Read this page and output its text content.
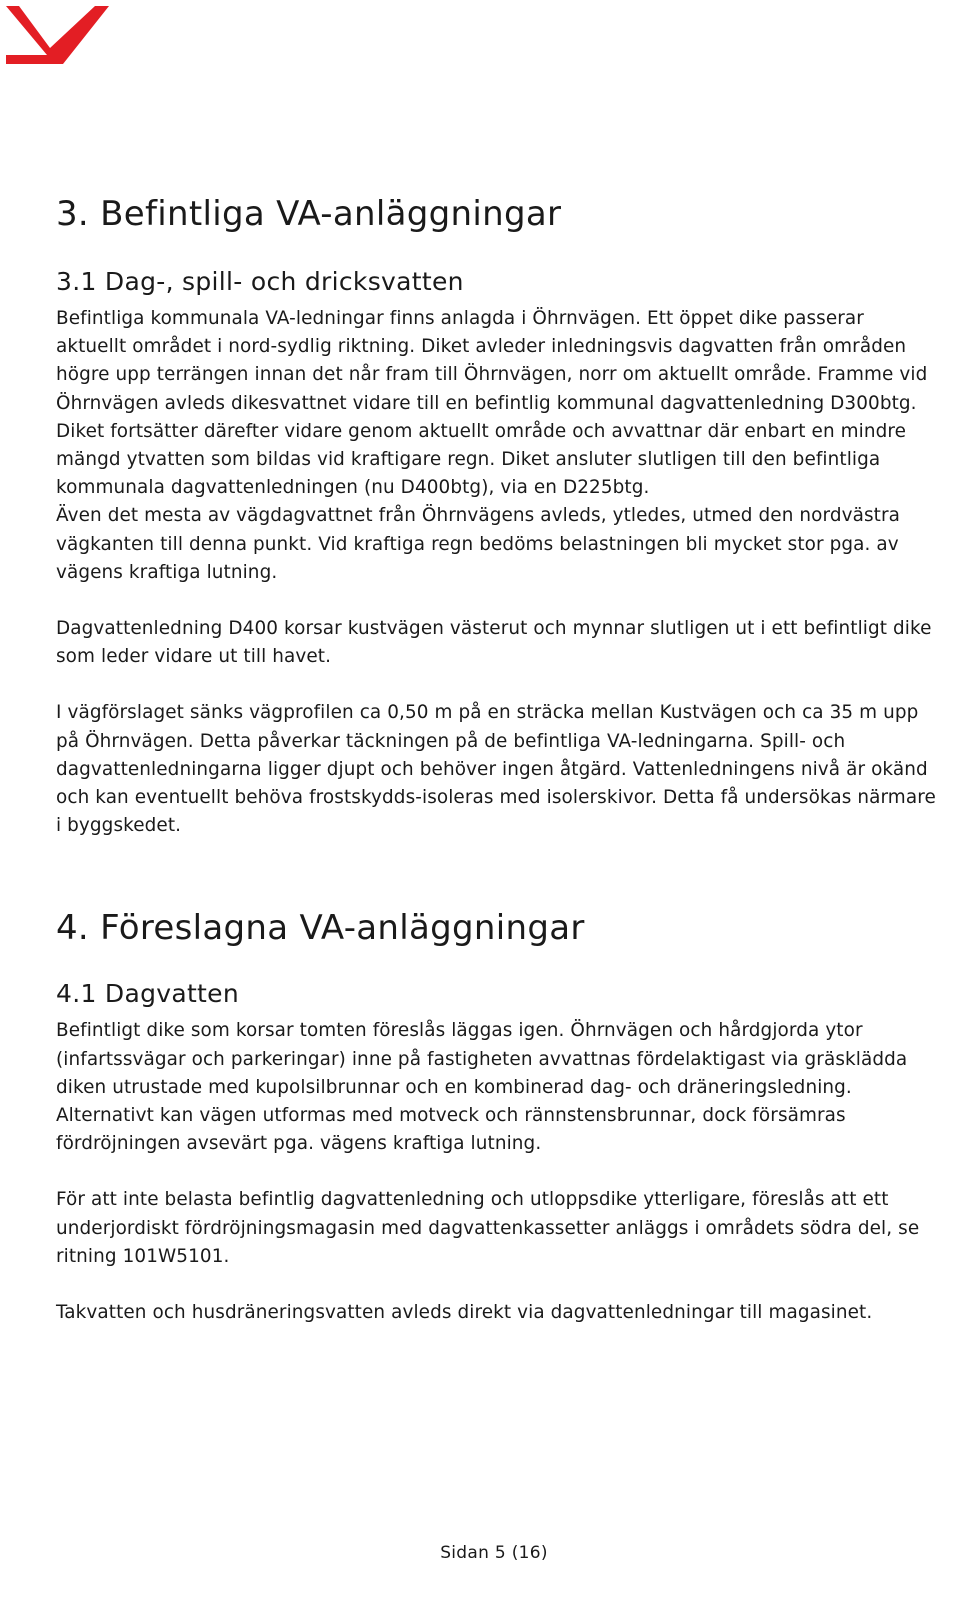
3. Befintliga VA-anläggningar
3.1 Dag-, spill- och dricksvatten

Befintliga kommunala VA-ledningar finns anlagda i Öhrnvägen. Ett öppet dike passerar aktuellt området i nord-sydlig riktning. Diket avleder inledningsvis dagvatten från områden högre upp terrängen innan det når fram till Öhrnvägen, norr om aktuellt område. Framme vid Öhrnvägen avleds dikesvattnet vidare till en befintlig kommunal dagvattenledning D300btg.

Diket fortsätter därefter vidare genom aktuellt område och avvattnar där enbart en mindre mängd ytvatten som bildas vid kraftigare regn. Diket ansluter slutligen till den befintliga kommunala dagvattenledningen (nu D400btg), via en D225btg.

Även det mesta av vägdagvattnet från Öhrnvägens avleds, ytledes, utmed den nordvästra vägkanten till denna punkt. Vid kraftiga regn bedöms belastningen bli mycket stor pga. av vägens kraftiga lutning.

Dagvattenledning D400 korsar kustvägen västerut och mynnar slutligen ut i ett befintligt dike som leder vidare ut till havet.

I vägförslaget sänks vägprofilen ca 0,50 m på en sträcka mellan Kustvägen och ca 35 m upp på Öhrnvägen. Detta påverkar täckningen på de befintliga VA-ledningarna. Spill- och dagvattenledningarna ligger djupt och behöver ingen åtgärd. Vattenledningens nivå är okänd och kan eventuellt behöva frostskydds-isoleras med isolerskivor. Detta få undersökas närmare i byggskedet.

4. Föreslagna VA-anläggningar
4.1 Dagvatten

Befintligt dike som korsar tomten föreslås läggas igen. Öhrnvägen och hårdgjorda ytor (infartssvägar och parkeringar) inne på fastigheten avvattnas fördelaktigast via gräsklädda diken utrustade med kupolsilbrunnar och en kombinerad dag- och dräneringsledning. Alternativt kan vägen utformas med motveck och rännstensbrunnar, dock försämras fördröjningen avsevärt pga. vägens kraftiga lutning.

För att inte belasta befintlig dagvattenledning och utloppsdike ytterligare, föreslås att ett underjordiskt fördröjningsmagasin med dagvattenkassetter anläggs i områdets södra del, se ritning 101W5101.

Takvatten och husdräneringsvatten avleds direkt via dagvattenledningar till magasinet.

Sidan 5 (16)
